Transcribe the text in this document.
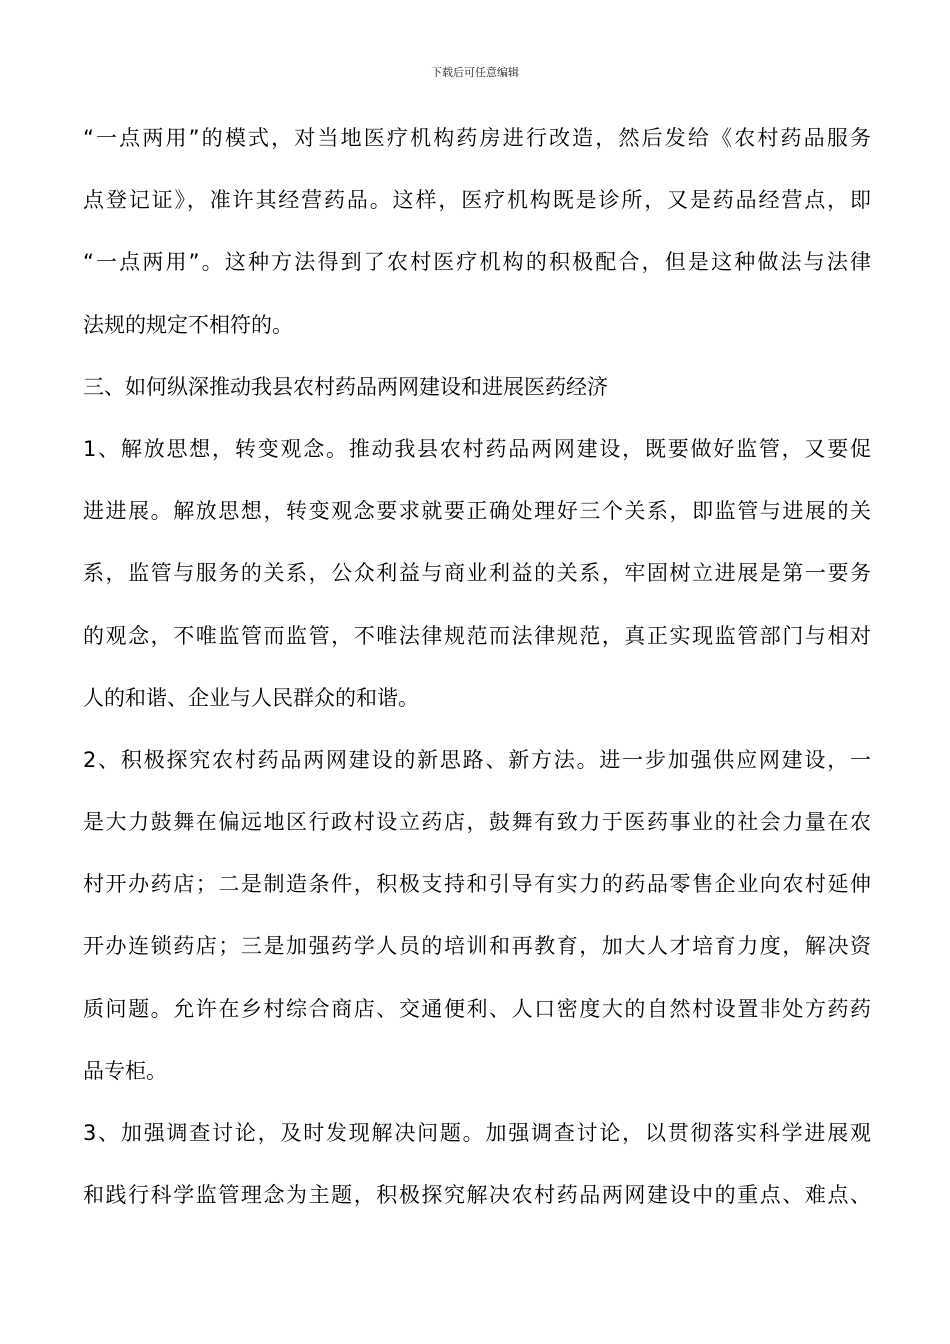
下载后可任意编辑
“一点两用”的模式，对当地医疗机构药房进行改造，然后发给《农村药品服务
点登记证》，准许其经营药品。这样，医疗机构既是诊所，又是药品经营点，即
“一点两用”。这种方法得到了农村医疗机构的积极配合，但是这种做法与法律
法规的规定不相符的。
三、如何纵深推动我县农村药品两网建设和进展医药经济
1、解放思想，转变观念。推动我县农村药品两网建设，既要做好监管，又要促
进进展。解放思想，转变观念要求就要正确处理好三个关系，即监管与进展的关
系，监管与服务的关系，公众利益与商业利益的关系，牢固树立进展是第一要务
的观念，不唯监管而监管，不唯法律规范而法律规范，真正实现监管部门与相对
人的和谐、企业与人民群众的和谐。
2、积极探究农村药品两网建设的新思路、新方法。进一步加强供应网建设，一
是大力鼓舞在偏远地区行政村设立药店，鼓舞有致力于医药事业的社会力量在农
村开办药店；二是制造条件，积极支持和引导有实力的药品零售企业向农村延伸
开办连锁药店；三是加强药学人员的培训和再教育，加大人才培育力度，解决资
质问题。允许在乡村综合商店、交通便利、人口密度大的自然村设置非处方药药
品专柜。
3、加强调查讨论，及时发现解决问题。加强调查讨论，以贯彻落实科学进展观
和践行科学监管理念为主题，积极探究解决农村药品两网建设中的重点、难点、
